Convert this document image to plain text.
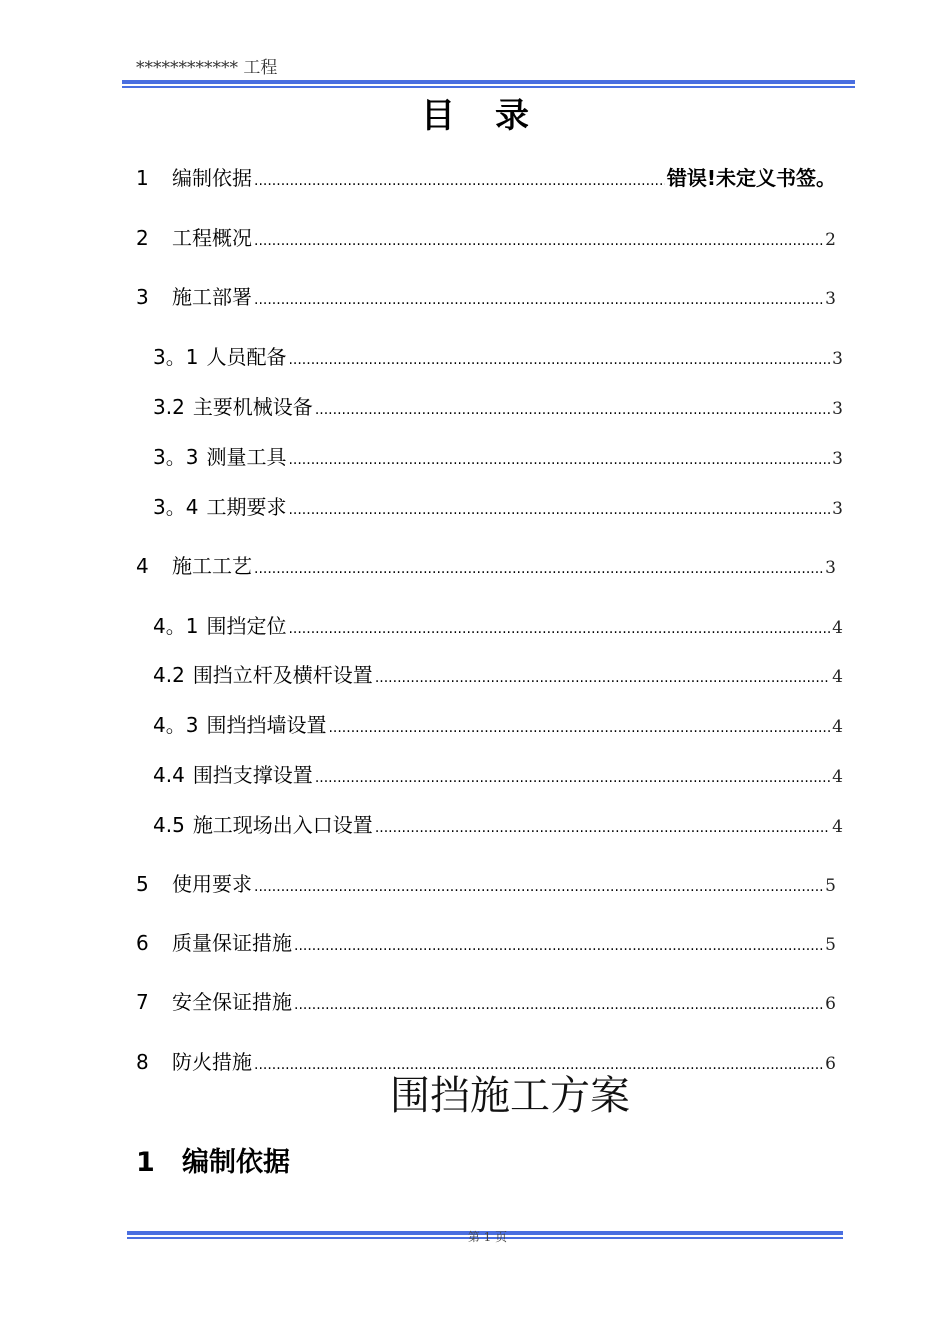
************ 工程
目录
1	编制依据 .....	错误!未定义书签。
2	工程概况 .....	2
3	施工部署 .....	3
3。1 人员配备 .....	3
3.2 主要机械设备 .....	3
3。3 测量工具 .....	3
3。4 工期要求 .....	3
4	施工工艺 .....	3
4。1 围挡定位 .....	4
4.2 围挡立杆及横杆设置 .....	4
4。3 围挡挡墙设置 .....	4
4.4 围挡支撑设置 .....	4
4.5 施工现场出入口设置 .....	4
5	使用要求 .....	5
6	质量保证措施 .....	5
7	安全保证措施 .....	6
8	防火措施 .....	6
围挡施工方案
1 编制依据
第 1 页
